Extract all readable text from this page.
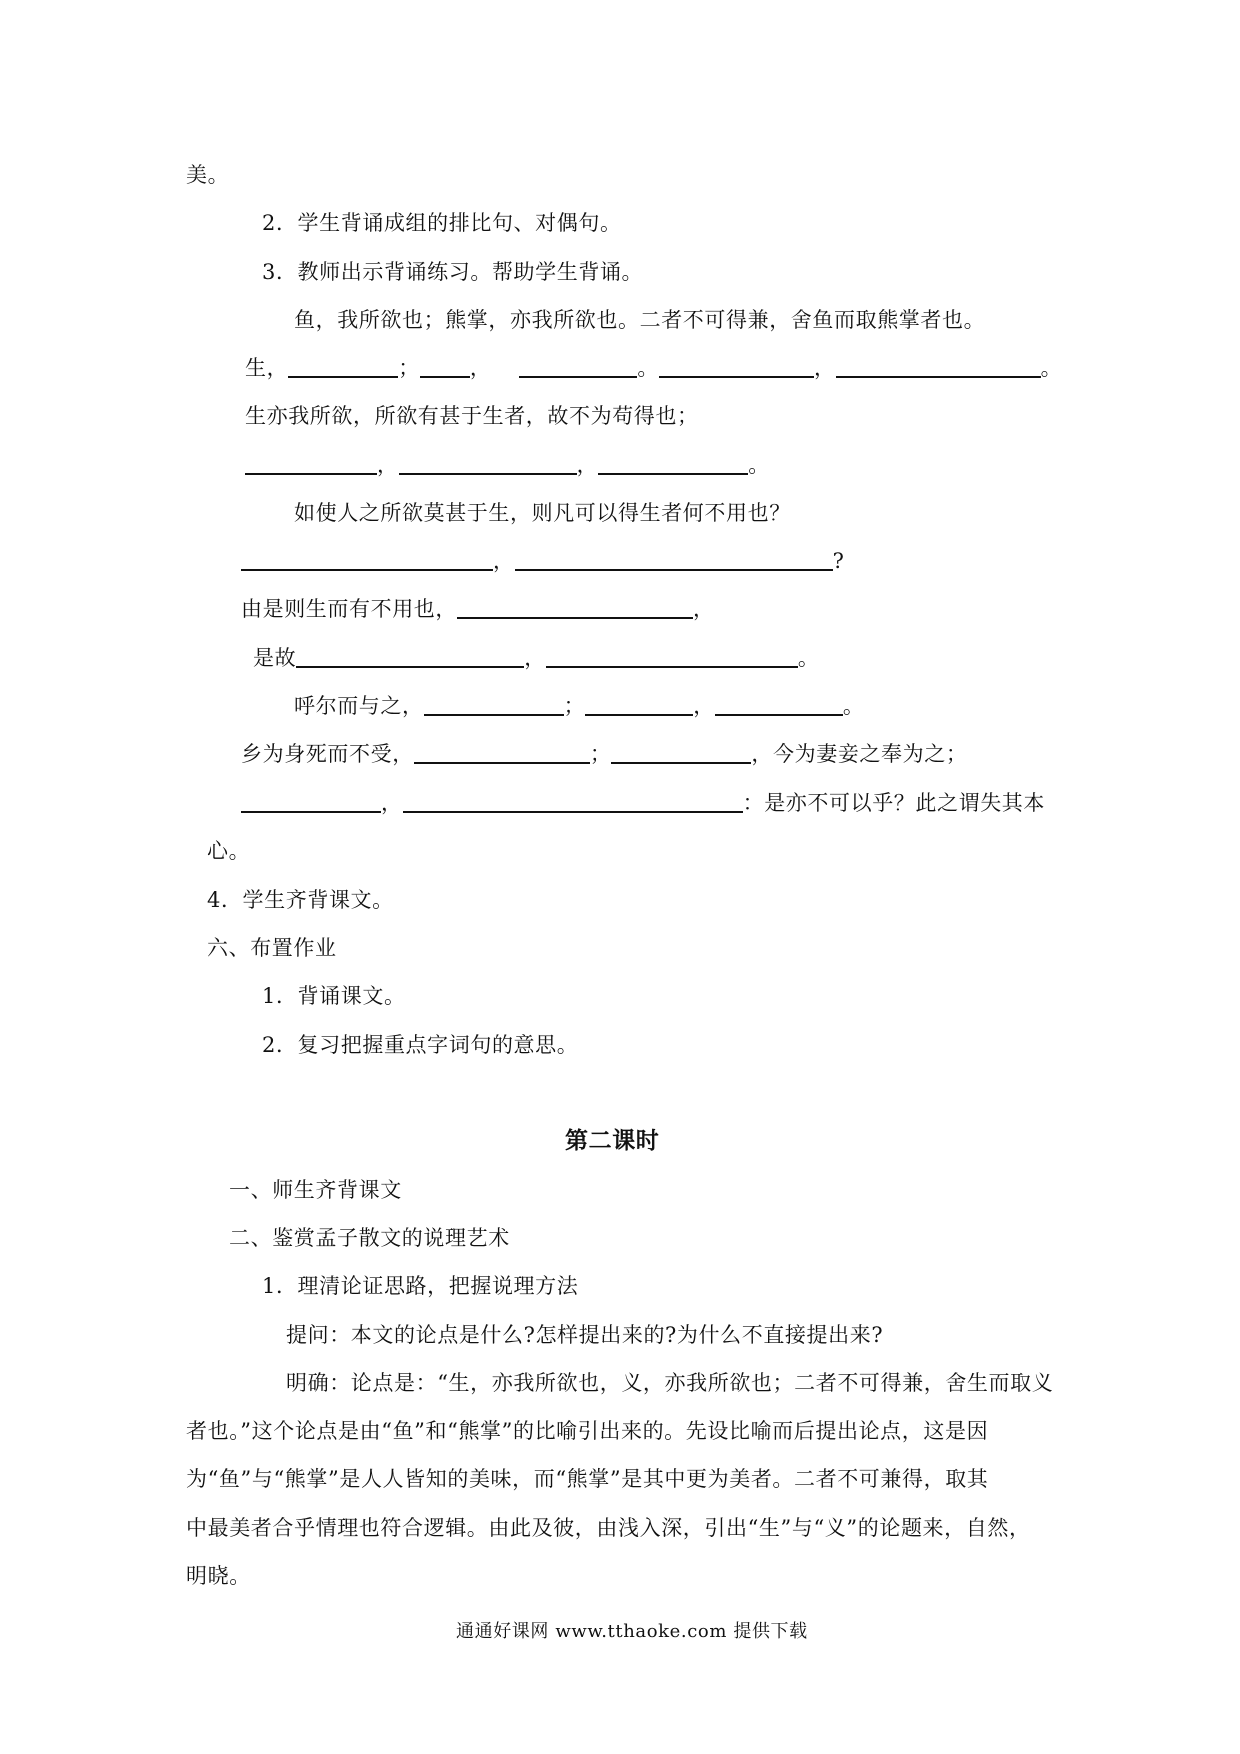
美。
2．学生背诵成组的排比句、对偶句。
3．教师出示背诵练习。帮助学生背诵。
鱼，我所欲也；熊掌，亦我所欲也。二者不可得兼，舍鱼而取熊掌者也。
生，	； ，	。	，	。
生亦我所欲，所欲有甚于生者，故不为苟得也；
，	，	。
如使人之所欲莫甚于生，则凡可以得生者何不用也？
，	?
由是则生而有不用也，	，
是故	，	。
呼尔而与之，	；	，	。
乡为身死而不受，	；	，今为妻妾之奉为之；
，	：是亦不可以乎？此之谓失其本
心。
4．学生齐背课文。
六、布置作业
1．背诵课文。
2．复习把握重点字词句的意思。
第二课时
一、师生齐背课文
二、鉴赏孟子散文的说理艺术
1．理清论证思路，把握说理方法
提问：本文的论点是什么?怎样提出来的?为什么不直接提出来?
明确：论点是：“生，亦我所欲也，义，亦我所欲也；二者不可得兼，舍生而取义
者也。”这个论点是由“鱼”和“熊掌”的比喻引出来的。先设比喻而后提出论点，这是因
为“鱼”与“熊掌”是人人皆知的美味，而“熊掌”是其中更为美者。二者不可兼得，取其
中最美者合乎情理也符合逻辑。由此及彼，由浅入深，引出“生”与“义”的论题来，自然，
明晓。
通通好课网 www.tthaoke.com 提供下载
